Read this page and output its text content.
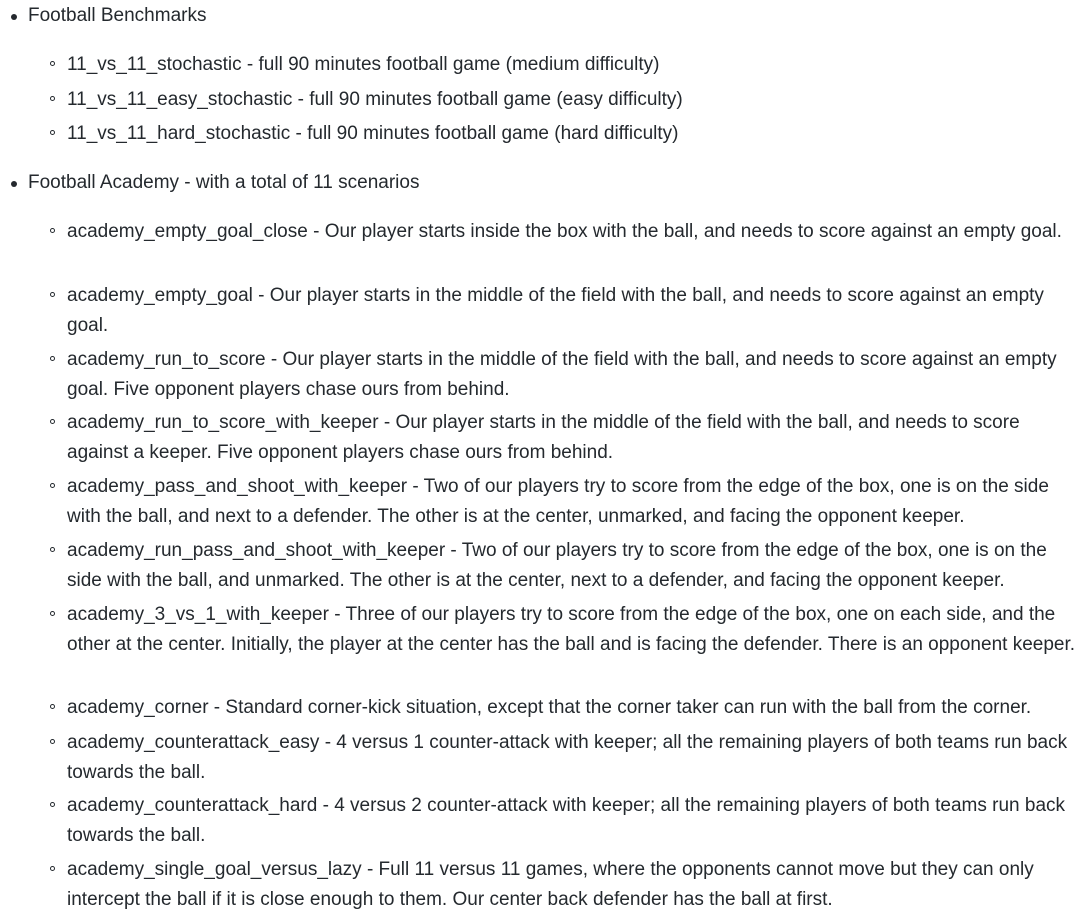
Football Benchmarks
11_vs_11_stochastic - full 90 minutes football game (medium difficulty)
11_vs_11_easy_stochastic - full 90 minutes football game (easy difficulty)
11_vs_11_hard_stochastic - full 90 minutes football game (hard difficulty)
Football Academy - with a total of 11 scenarios
academy_empty_goal_close - Our player starts inside the box with the ball, and needs to score against an empty goal.
academy_empty_goal - Our player starts in the middle of the field with the ball, and needs to score against an empty goal.
academy_run_to_score - Our player starts in the middle of the field with the ball, and needs to score against an empty goal. Five opponent players chase ours from behind.
academy_run_to_score_with_keeper - Our player starts in the middle of the field with the ball, and needs to score against a keeper. Five opponent players chase ours from behind.
academy_pass_and_shoot_with_keeper - Two of our players try to score from the edge of the box, one is on the side with the ball, and next to a defender. The other is at the center, unmarked, and facing the opponent keeper.
academy_run_pass_and_shoot_with_keeper - Two of our players try to score from the edge of the box, one is on the side with the ball, and unmarked. The other is at the center, next to a defender, and facing the opponent keeper.
academy_3_vs_1_with_keeper - Three of our players try to score from the edge of the box, one on each side, and the other at the center. Initially, the player at the center has the ball and is facing the defender. There is an opponent keeper.
academy_corner - Standard corner-kick situation, except that the corner taker can run with the ball from the corner.
academy_counterattack_easy - 4 versus 1 counter-attack with keeper; all the remaining players of both teams run back towards the ball.
academy_counterattack_hard - 4 versus 2 counter-attack with keeper; all the remaining players of both teams run back towards the ball.
academy_single_goal_versus_lazy - Full 11 versus 11 games, where the opponents cannot move but they can only intercept the ball if it is close enough to them. Our center back defender has the ball at first.
